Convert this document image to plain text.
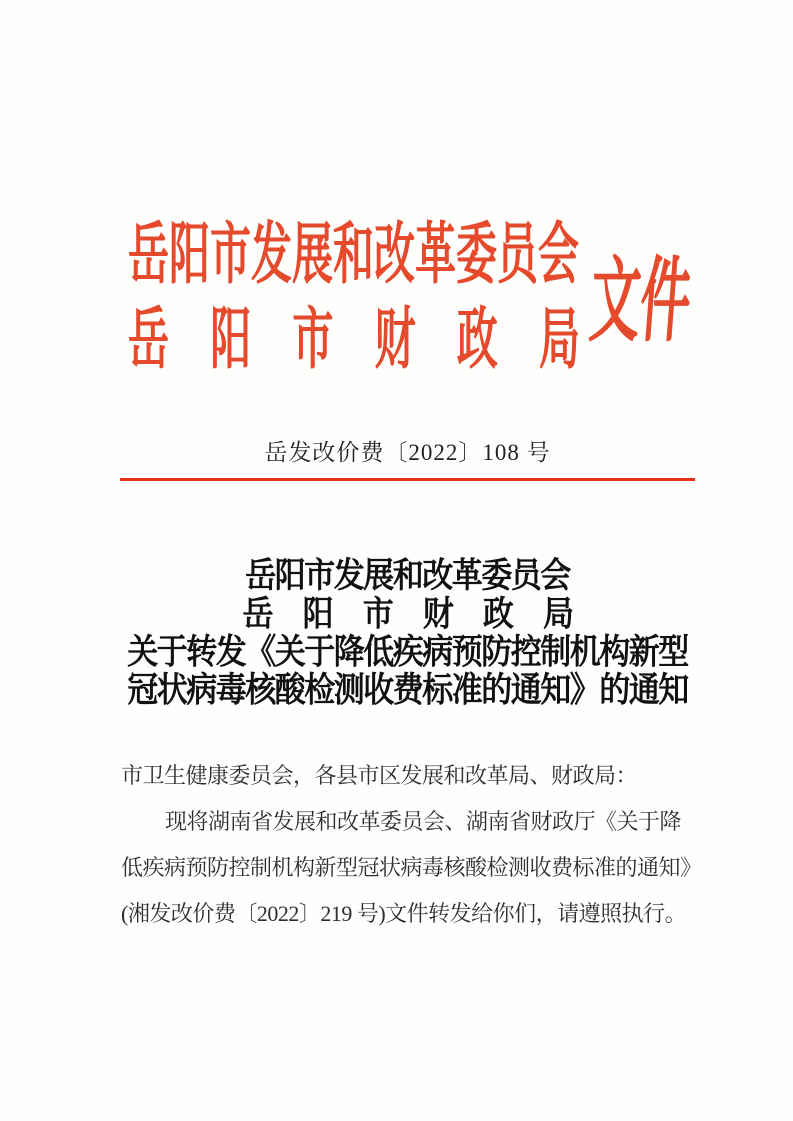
岳阳市发展和改革委员会
岳阳市财政局 文件
岳发改价费〔2022〕108 号
岳阳市发展和改革委员会
岳阳市财政局
关于转发《关于降低疾病预防控制机构新型
冠状病毒核酸检测收费标准的通知》的通知

市卫生健康委员会，各县市区发展和改革局、财政局：

现将湖南省发展和改革委员会、湖南省财政厅《关于降

低疾病预防控制机构新型冠状病毒核酸检测收费标准的通知》

(湘发改价费〔2022〕219 号)文件转发给你们，请遵照执行。
